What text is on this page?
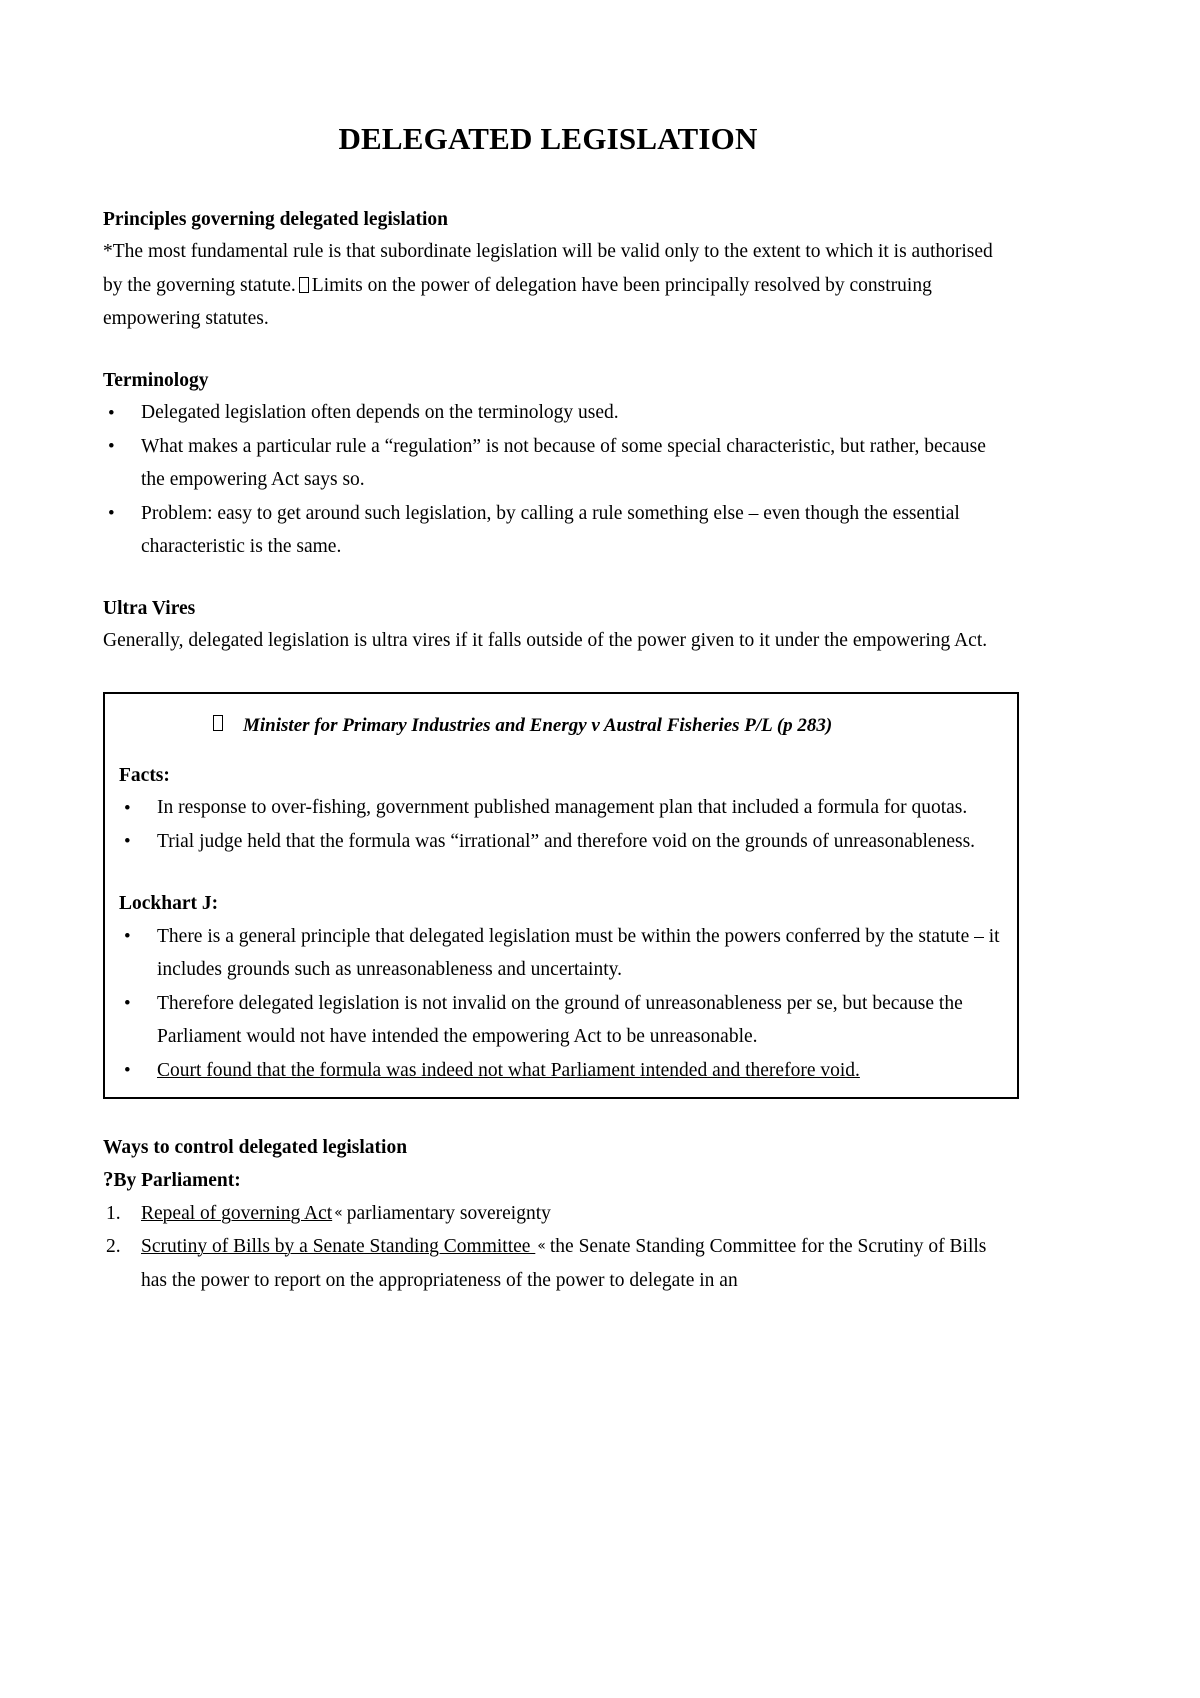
DELEGATED LEGISLATION
Principles governing delegated legislation

*The most fundamental rule is that subordinate legislation will be valid only to the extent to which it is authorised by the governing statute. Limits on the power of delegation have been principally resolved by construing empowering statutes.

Terminology
• Delegated legislation often depends on the terminology used.
• What makes a particular rule a “regulation” is not because of some special characteristic, but rather, because the empowering Act says so.
• Problem: easy to get around such legislation, by calling a rule something else – even though the essential characteristic is the same.
Ultra Vires

Generally, delegated legislation is ultra vires if it falls outside of the power given to it under the empowering Act.

Minister for Primary Industries and Energy v Austral Fisheries P/L (p 283)
Facts:
• In response to over-fishing, government published management plan that included a formula for quotas.
• Trial judge held that the formula was “irrational” and therefore void on the grounds of unreasonableness.
Lockhart J:
• There is a general principle that delegated legislation must be within the powers conferred by the statute – it includes grounds such as unreasonableness and uncertainty.
• Therefore delegated legislation is not invalid on the ground of unreasonableness per se, but because the Parliament would not have intended the empowering Act to be unreasonable.
• Court found that the formula was indeed not what Parliament intended and therefore void.
Ways to control delegated legislation
?By Parliament:
1.	Repeal of governing Act « parliamentary sovereignty
2.	Scrutiny of Bills by a Senate Standing Committee « the Senate Standing Committee for the Scrutiny of Bills has the power to report on the appropriateness of the power to delegate in an
